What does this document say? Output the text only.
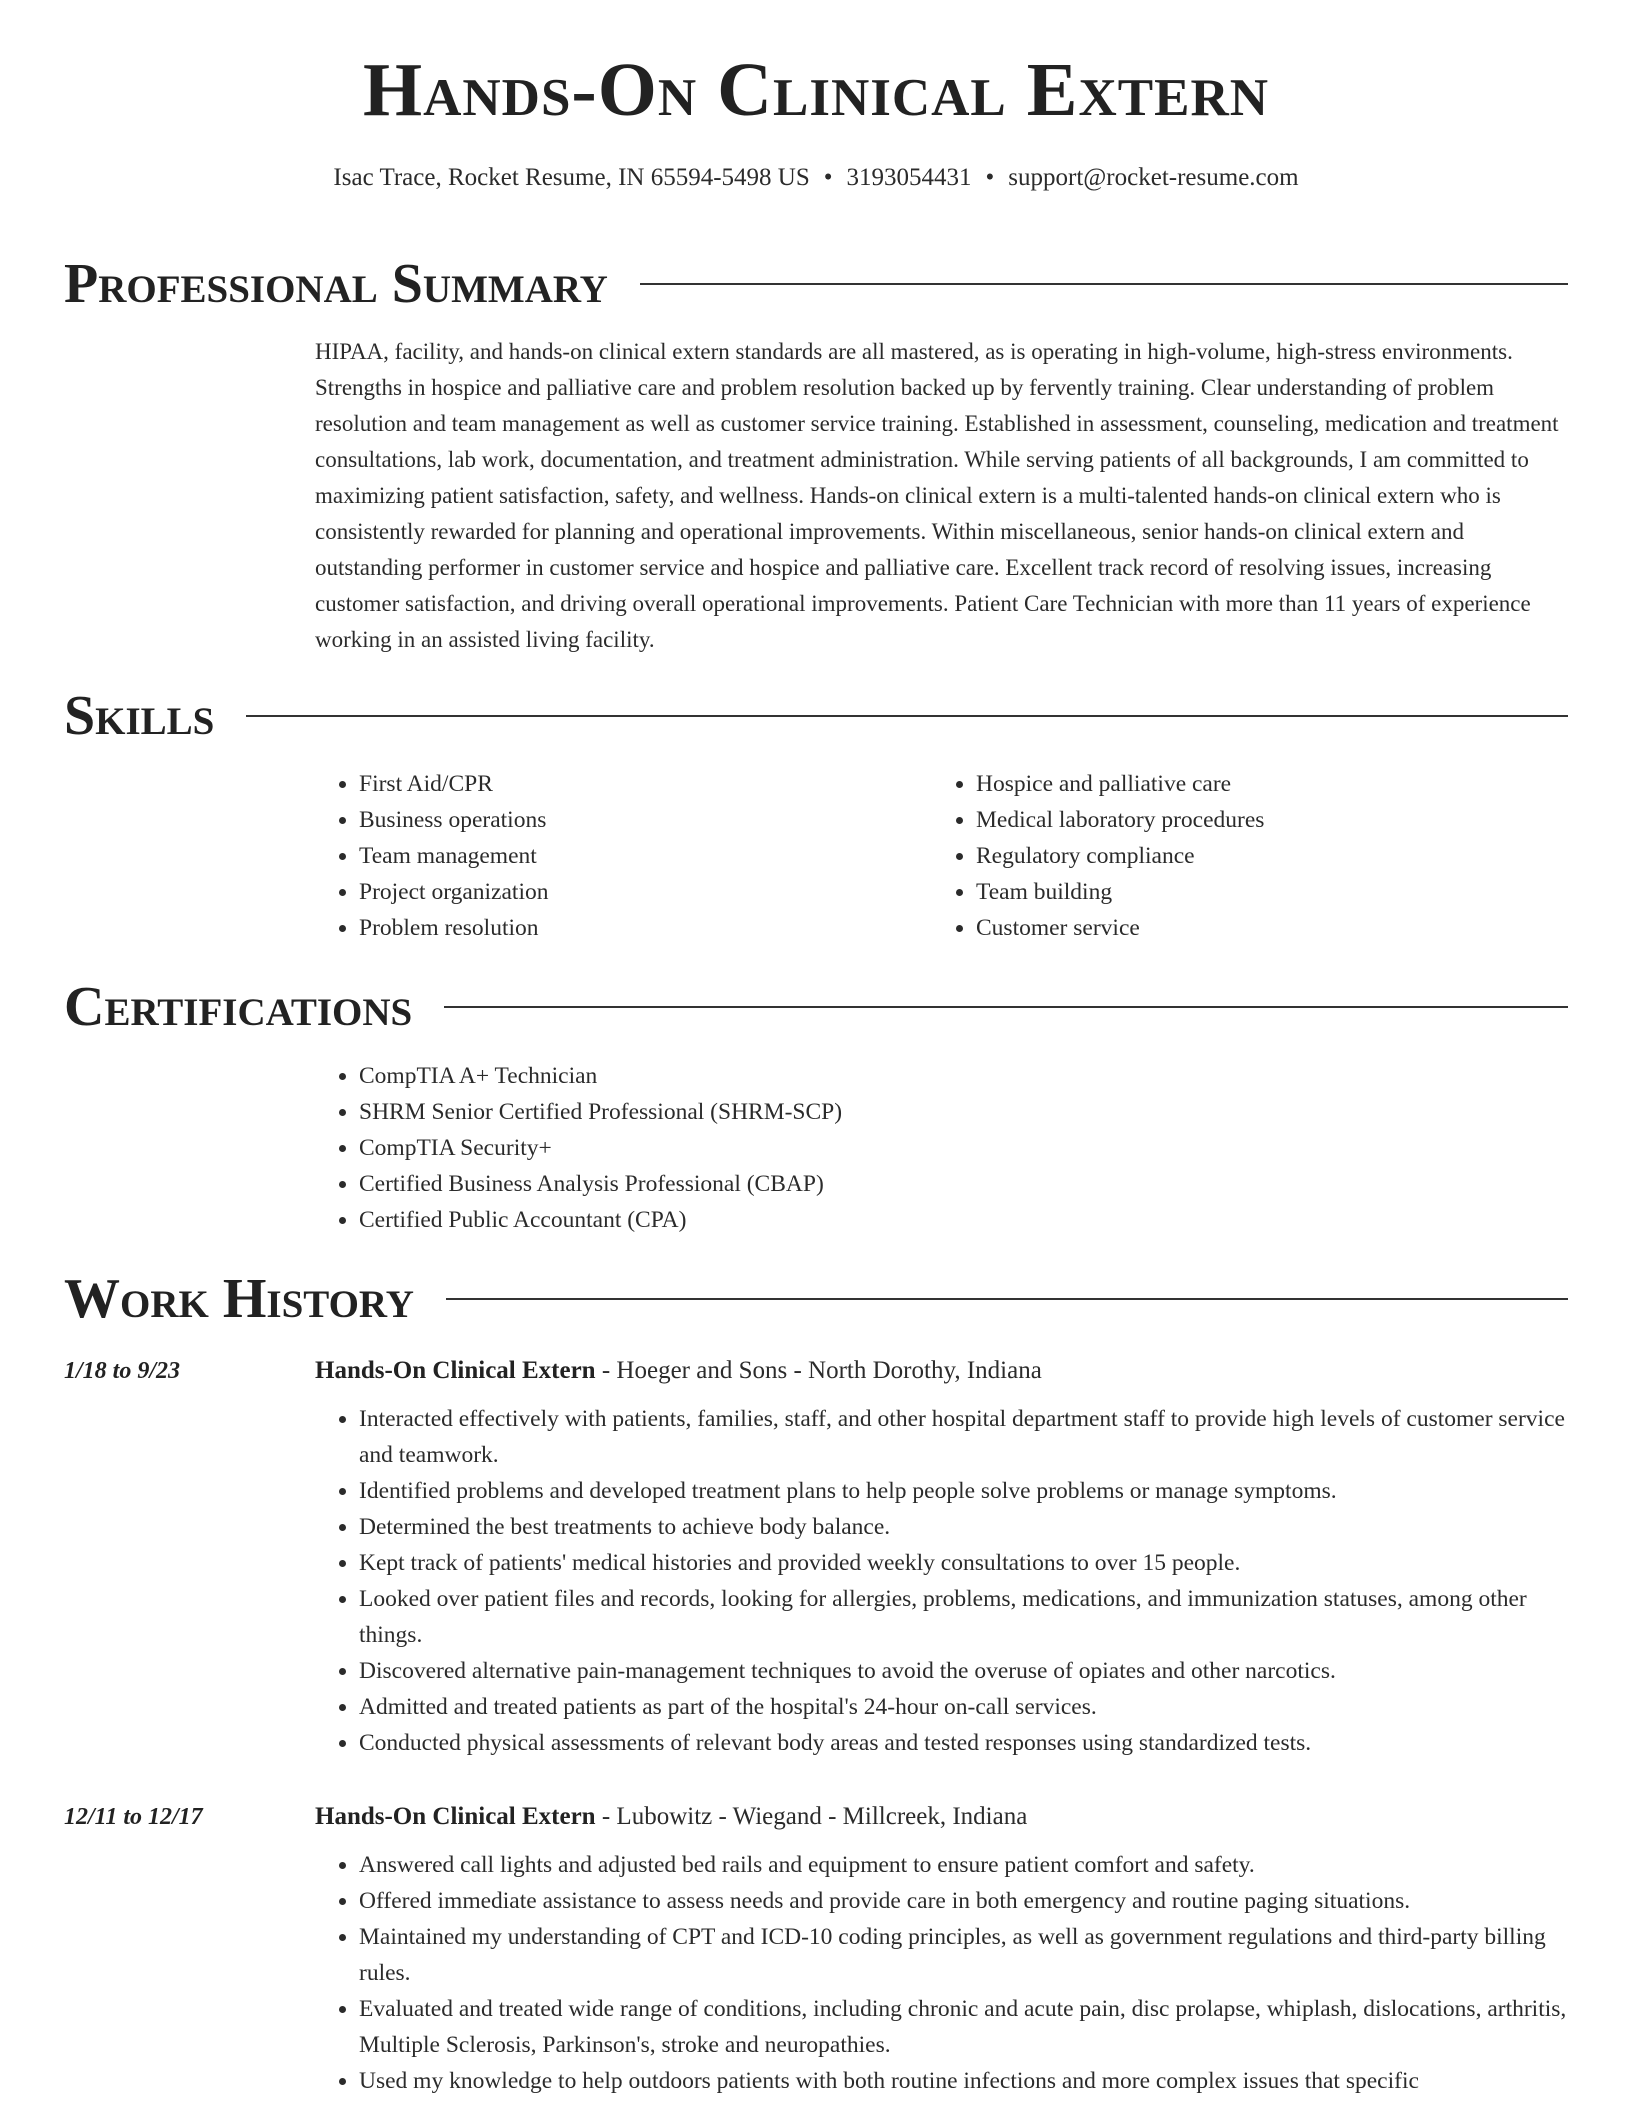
Hands-On Clinical Extern
Isac Trace, Rocket Resume, IN 65594-5498 US • 3193054431 • support@rocket-resume.com
Professional Summary

HIPAA, facility, and hands-on clinical extern standards are all mastered, as is operating in high-volume, high-stress environments. Strengths in hospice and palliative care and problem resolution backed up by fervently training. Clear understanding of problem resolution and team management as well as customer service training. Established in assessment, counseling, medication and treatment consultations, lab work, documentation, and treatment administration. While serving patients of all backgrounds, I am committed to maximizing patient satisfaction, safety, and wellness. Hands-on clinical extern is a multi-talented hands-on clinical extern who is consistently rewarded for planning and operational improvements. Within miscellaneous, senior hands-on clinical extern and outstanding performer in customer service and hospice and palliative care. Excellent track record of resolving issues, increasing customer satisfaction, and driving overall operational improvements. Patient Care Technician with more than 11 years of experience working in an assisted living facility.

Skills
• First Aid/CPR
• Business operations
• Team management
• Project organization
• Problem resolution
• Hospice and palliative care
• Medical laboratory procedures
• Regulatory compliance
• Team building
• Customer service
Certifications
• CompTIA A+ Technician
• SHRM Senior Certified Professional (SHRM-SCP)
• CompTIA Security+
• Certified Business Analysis Professional (CBAP)
• Certified Public Accountant (CPA)
Work History
1/18 to 9/23	Hands-On Clinical Extern - Hoeger and Sons - North Dorothy, Indiana
• Interacted effectively with patients, families, staff, and other hospital department staff to provide high levels of customer service and teamwork.
• Identified problems and developed treatment plans to help people solve problems or manage symptoms.
• Determined the best treatments to achieve body balance.
• Kept track of patients' medical histories and provided weekly consultations to over 15 people.
• Looked over patient files and records, looking for allergies, problems, medications, and immunization statuses, among other things.
• Discovered alternative pain-management techniques to avoid the overuse of opiates and other narcotics.
• Admitted and treated patients as part of the hospital's 24-hour on-call services.
• Conducted physical assessments of relevant body areas and tested responses using standardized tests.
12/11 to 12/17	Hands-On Clinical Extern - Lubowitz - Wiegand - Millcreek, Indiana
• Answered call lights and adjusted bed rails and equipment to ensure patient comfort and safety.
• Offered immediate assistance to assess needs and provide care in both emergency and routine paging situations.
• Maintained my understanding of CPT and ICD-10 coding principles, as well as government regulations and third-party billing rules.
• Evaluated and treated wide range of conditions, including chronic and acute pain, disc prolapse, whiplash, dislocations, arthritis, Multiple Sclerosis, Parkinson's, stroke and neuropathies.
• Used my knowledge to help outdoors patients with both routine infections and more complex issues that specific
